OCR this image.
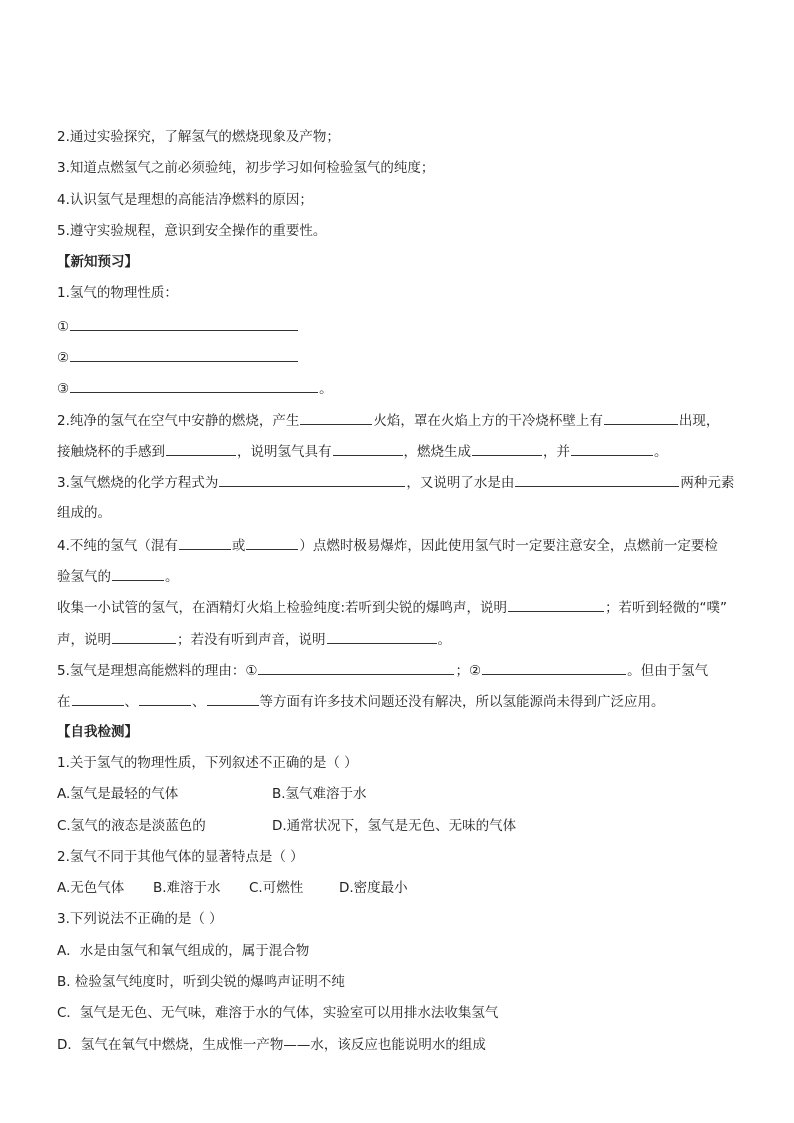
2.通过实验探究，了解氢气的燃烧现象及产物；
3.知道点燃氢气之前必须验纯，初步学习如何检验氢气的纯度；
4.认识氢气是理想的高能洁净燃料的原因；
5.遵守实验规程，意识到安全操作的重要性。
【新知预习】
1.氢气的物理性质：
①
②
③	。
2.纯净的氢气在空气中安静的燃烧，产生	火焰，罩在火焰上方的干冷烧杯壁上有	出现，
接触烧杯的手感到	，说明氢气具有	，燃烧生成	，并	。
3.氢气燃烧的化学方程式为	，又说明了水是由	两种元素
组成的。
4.不纯的氢气（混有	或	）点燃时极易爆炸，因此使用氢气时一定要注意安全，点燃前一定要检
验氢气的	。
收集一小试管的氢气，在酒精灯火焰上检验纯度:若听到尖锐的爆鸣声，说明	；若听到轻微的“噗”
声，说明	；若没有听到声音，说明	。
5.氢气是理想高能燃料的理由：①	；②	。但由于氢气
在	、	、	等方面有许多技术问题还没有解决，所以氢能源尚未得到广泛应用。
【自我检测】
1.关于氢气的物理性质，下列叙述不正确的是（ ）
A.氢气是最轻的气体	B.氢气难溶于水
C.氢气的液态是淡蓝色的	D.通常状况下，氢气是无色、无味的气体
2.氢气不同于其他气体的显著特点是（ ）
A.无色气体 B.难溶于水 C.可燃性	D.密度最小
3.下列说法不正确的是（ ）
A．水是由氢气和氧气组成的，属于混合物
B. 检验氢气纯度时，听到尖锐的爆鸣声证明不纯
C．氢气是无色、无气味，难溶于水的气体，实验室可以用排水法收集氢气
D．氢气在氧气中燃烧，生成惟一产物——水，该反应也能说明水的组成
